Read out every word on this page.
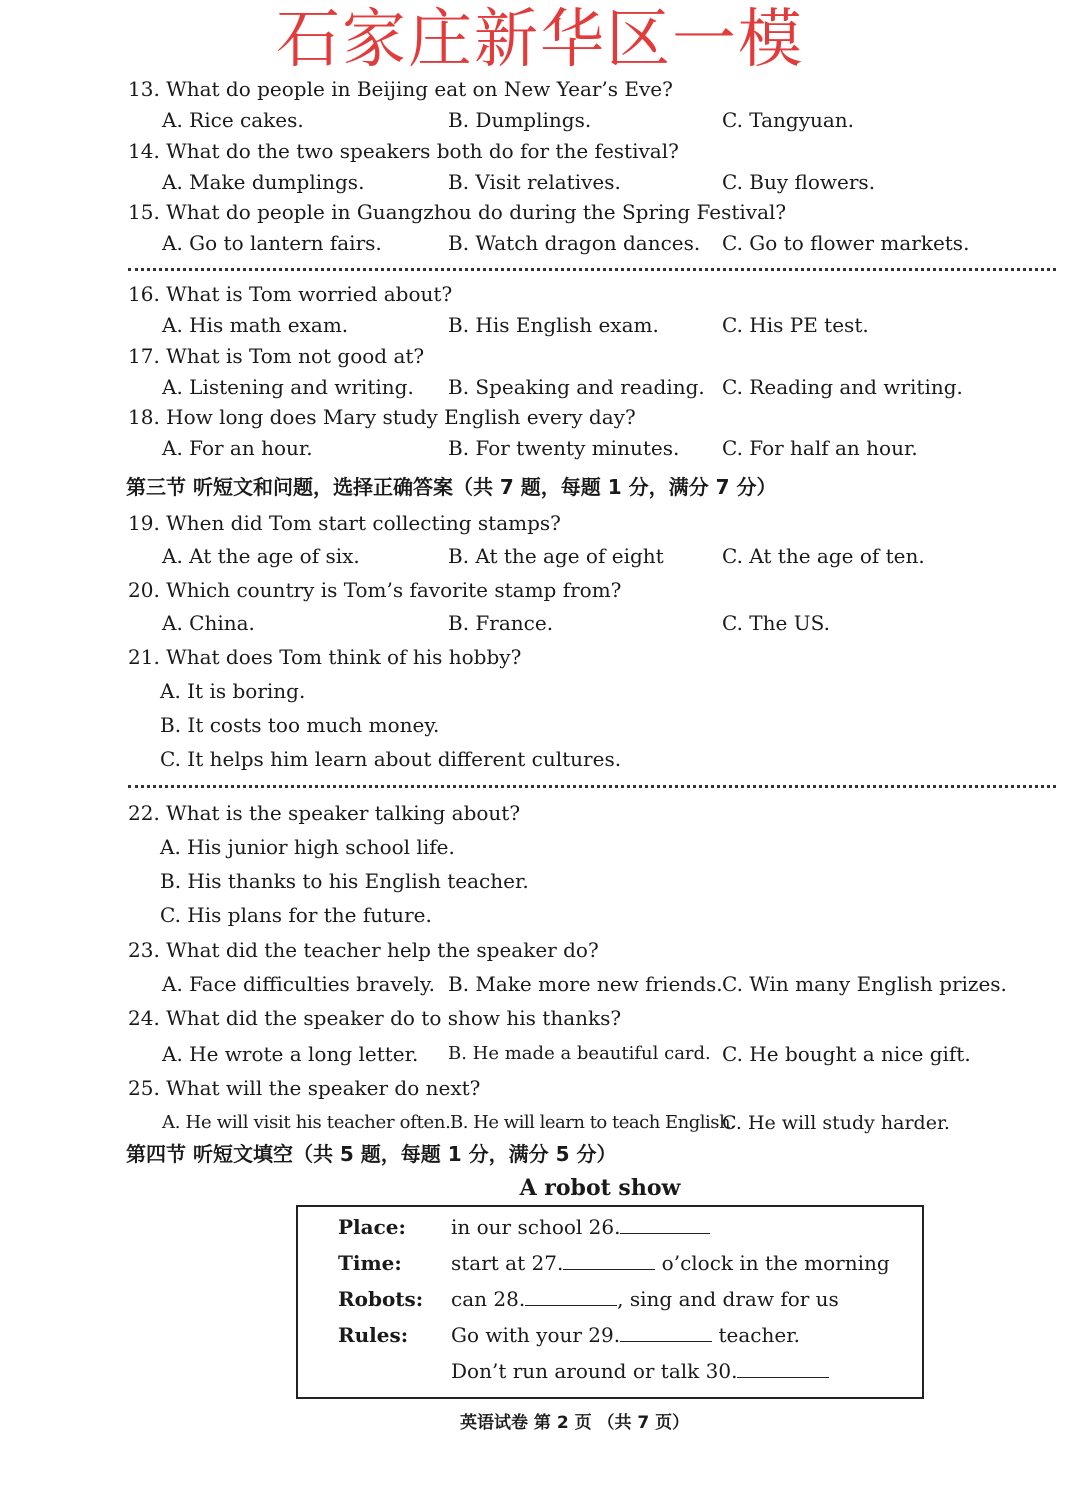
石家庄新华区一模
13. What do people in Beijing eat on New Year’s Eve?
A. Rice cakes.	B. Dumplings.	C. Tangyuan.
14. What do the two speakers both do for the festival?
A. Make dumplings.	B. Visit relatives.	C. Buy flowers.
15. What do people in Guangzhou do during the Spring Festival?
A. Go to lantern fairs.	B. Watch dragon dances. C. Go to flower markets.
16. What is Tom worried about?
A. His math exam.	B. His English exam.	C. His PE test.
17. What is Tom not good at?
A. Listening and writing. B. Speaking and reading. C. Reading and writing.
18. How long does Mary study English every day?
A. For an hour.	B. For twenty minutes. C. For half an hour.
第三节 听短文和问题，选择正确答案（共 7 题，每题 1 分，满分 7 分）
19. When did Tom start collecting stamps?
A. At the age of six.	B. At the age of eight	C. At the age of ten.
20. Which country is Tom’s favorite stamp from?
A. China.	B. France.	C. The US.
21. What does Tom think of his hobby?
A. It is boring.
B. It costs too much money.
C. It helps him learn about different cultures.
22. What is the speaker talking about?
A. His junior high school life.
B. His thanks to his English teacher.
C. His plans for the future.
23. What did the teacher help the speaker do?
A. Face difficulties bravely. B. Make more new friends. C. Win many English prizes.
24. What did the speaker do to show his thanks?
A. He wrote a long letter. B. He made a beautiful card. C. He bought a nice gift.
25. What will the speaker do next?
A. He will visit his teacher often. B. He will learn to teach English.
C. He will study harder.
第四节 听短文填空（共 5 题，每题 1 分，满分 5 分）
A robot show
Place: in our school 26.
Time: start at 27.	o’clock in the morning
Robots: can 28.	, sing and draw for us
Rules: Go with your 29.	teacher.
Don’t run around or talk 30.
英语试卷 第 2 页 （共 7 页）
